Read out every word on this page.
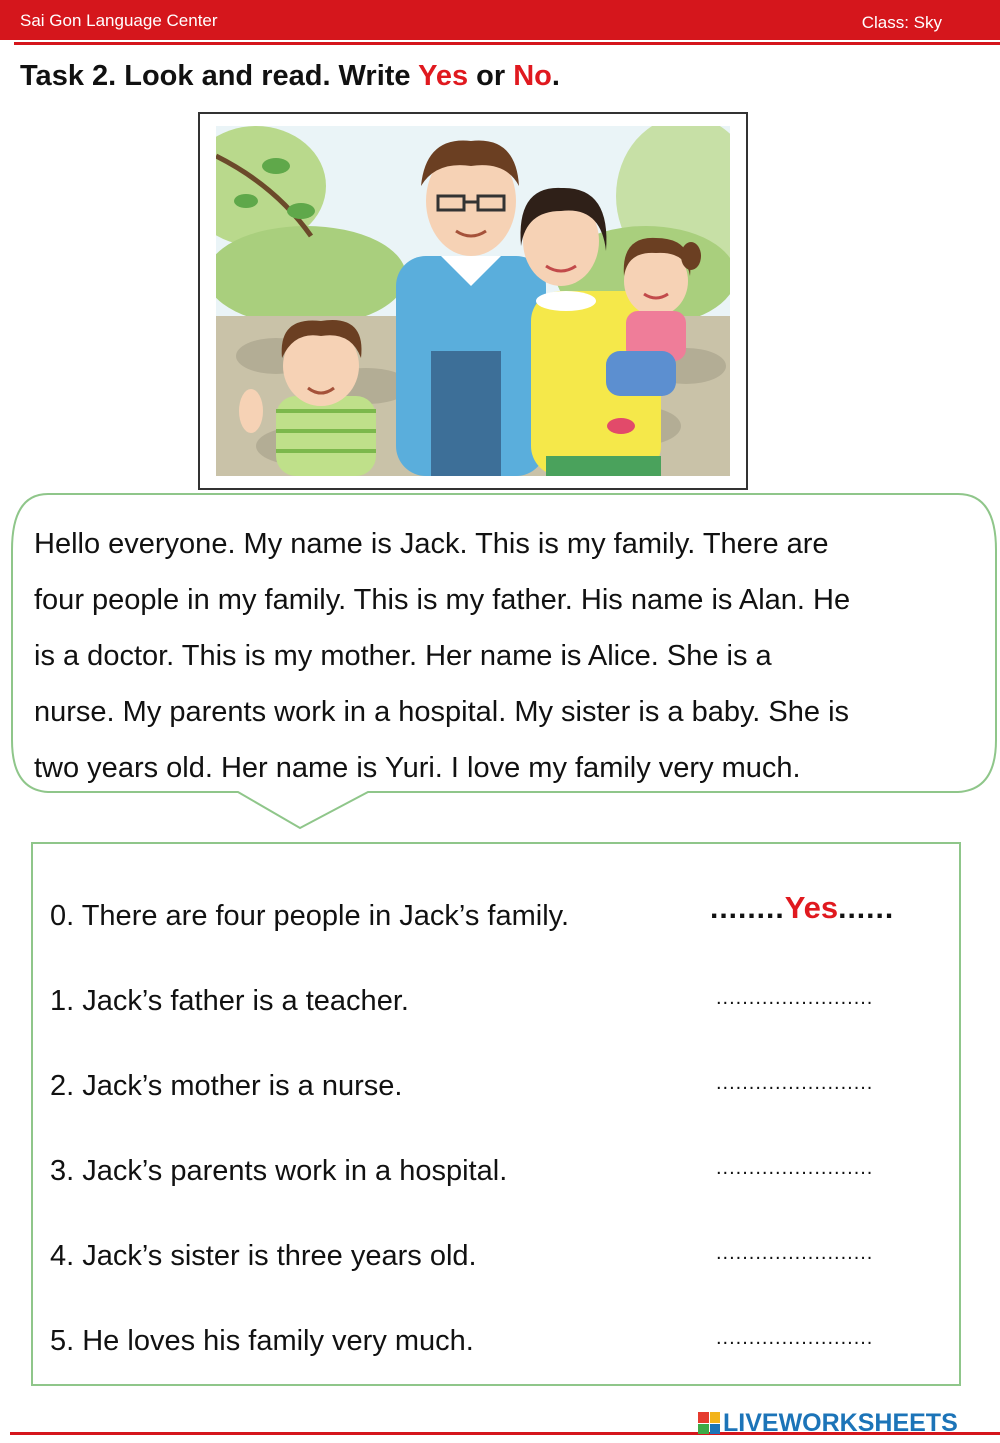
Sai Gon Language Center	Class: Sky
Task 2. Look and read. Write Yes or No.
Hello everyone. My name is Jack. This is my family. There are
four people in my family. This is my father. His name is Alan. He
is a doctor. This is my mother. Her name is Alice. She is a
nurse. My parents work in a hospital. My sister is a baby. She is
two years old. Her name is Yuri. I love my family very much.
0. There are four people in Jack’s family.	........Yes......
1. Jack’s father is a teacher.	........................
2. Jack’s mother is a nurse.	........................
3. Jack’s parents work in a hospital.	........................
4. Jack’s sister is three years old.	........................
5. He loves his family very much.	........................
LIVEWORKSHEETS
